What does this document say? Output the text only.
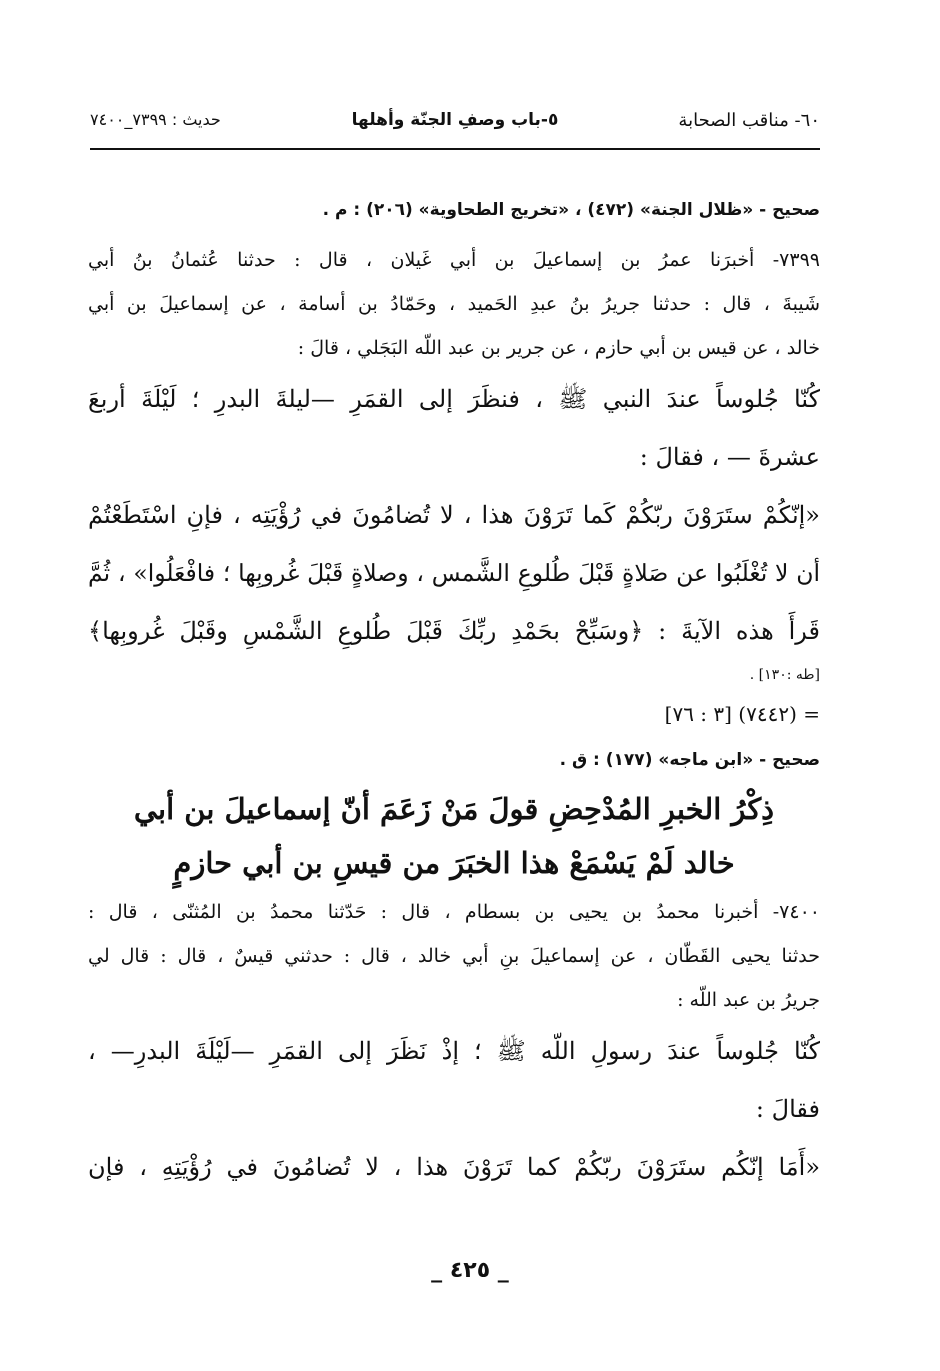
٦٠- مناقب الصحابة
٥-باب وصفِ الجنّة وأهلها
حديث : ٧٣٩٩_٧٤٠٠
صحيح - «ظلال الجنة» (٤٧٢) ، «تخريج الطحاوية» (٢٠٦) : م .
٧٣٩٩- أخبرَنا عمرُ بن إسماعيلَ بن أبي غَيلان ، قال : حدثنا عُثمانُ بنُ أبي
شَيبةَ ، قال : حدثنا جريرُ بنُ عبدِ الحَميد ، وحَمّادُ بن أسامة ، عن إسماعيلَ بن أبي
خالد ، عن قيس بن أبي حازم ، عن جرير بن عبد اللّه البَجَلي ، قالَ :
كُنّا جُلوساً عندَ النبي ﷺ ، فنظَرَ إلى القمَرِ —ليلةَ البدرِ ؛ لَيْلَةَ أربعَ
عشرةَ — ، فقالَ :
«إنّكُمْ ستَرَوْنَ ربّكُمْ كَما تَرَوْنَ هذا ، لا تُضامُونَ في رُؤْيَتِه ، فإنِ اسْتَطَعْتُمْ
أن لا تُغْلَبُوا عن صَلاةٍ قَبْلَ طُلوعِ الشَّمس ، وصلاةٍ قَبْلَ غُروبِها ؛ فافْعَلُوا» ، ثُمَّ
قَرأَ هذه الآيةَ : ﴿وسَبِّحْ بحَمْدِ ربِّكَ قَبْلَ طُلوعِ الشَّمْسِ وقَبْلَ غُروبِها﴾
[طه :١٣٠] .
= (٧٤٤٢) [٣ : ٧٦]
صحيح - «ابن ماجه» (١٧٧) : ق .
ذِكْرُ الخبرِ المُدْحِضِ قولَ مَنْ زَعَمَ أنّ إسماعيلَ بن أبي
خالد لَمْ يَسْمَعْ هذا الخبَرَ من قيسِ بن أبي حازمٍ
٧٤٠٠- أخبرنا محمدُ بن يحيى بن بسطام ، قال : حَدّثنا محمدُ بن المُثنّى ، قال :
حدثنا يحيى القَطّان ، عن إسماعيلَ بنِ أبي خالد ، قال : حدثني قيسٌ ، قال : قال لي
جريرُ بن عبد اللّه :
كُنّا جُلوساً عندَ رسولِ اللّه ﷺ ؛ إذْ نَظَرَ إلى القمَرِ —لَيْلَةَ البدرِ— ،
فقالَ :
«أَمَا إنّكُم ستَرَوْنَ ربّكُمْ كما تَرَوْنَ هذا ، لا تُضامُونَ في رُؤْيَتِهِ ، فإن
_ ٤٢٥ _
